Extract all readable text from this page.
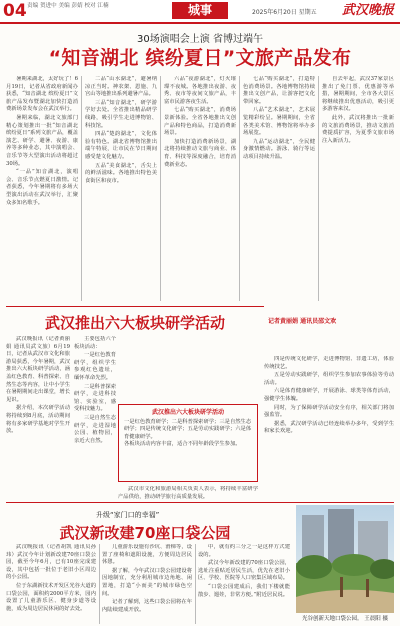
04 责编 贺进中 美编 彭婧 校对 江楠	城事	2025年6月20日 星期五 武汉晚报
30场演唱会上演 省博过端午
“知音湖北 缤纷夏日”文旅产品发布

暑期来湖北，太好玩了！6月19日，记者从省政府新闻办获悉，“知音湖北 缤纷夏日”文旅产品发布暨湖北加快打造消费新场景发布会在武汉举行。

暑期来临，湖北文旅部门精心策划推出一批“知音湖北 缤纷夏日”系列文旅产品，覆盖演艺、研学、避暑、夜游、康养等多种业态，其中演唱会、音乐节等大型演出活动将超过30场。

“一品”知音湖北，演唱会、音乐节点燃夏日激情。记者获悉，今年暑期将有多场大型演出活动在武汉举行，汇聚众多知名歌手。

二品“山水湖北”，避暑纳凉正当时。神农架、恩施、九宫山等地推出系列避暑产品。

三品“知音湖北”，研学游学好去处。全省推出精品研学线路，吸引学生走进博物馆、科技馆。

四品“楚韵湖北”，文化体验有特色。湖北省博物馆推出端午特展，让市民在节日期间感受楚文化魅力。

五品“美食湖北”，舌尖上的鲜活滋味。各地推出特色美食街区和夜市。

六品“夜游湖北”，灯火璀璨不夜城。各地推出夜游、夜秀、夜市等夜间文旅产品，丰富市民游客夜生活。

七品“购买湖北”，消费场景新体验。全省各地推出文创产品和特色商品，打造消费新场景。

加快打造消费新场景，湖北将持续推动文旅与商业、体育、科技等深度融合，培育消费新业态。

七品“购买湖北”，打造特色消费场景。各地博物馆持续推出文创产品，让游客把文化带回家。

八品“艺术湖北”，艺术展览精彩纷呈。暑期期间，全省各类美术馆、博物馆将举办多场展览。

九品“运动湖北”，全民健身激情燃动。游泳、骑行等运动项目持续升温。

自去年起，武汉37家景区推出了免门票、优惠游等举措，暑期期间，全市各大景区将继续推出优惠活动，吸引更多游客来汉。

此外，武汉将推出一批新的文旅消费场景，推动文旅消费提质扩容，为夏季文旅市场注入新活力。

记者黄丽娟 通讯员邵文欢
武汉推出六大板块研学活动

武汉晚报讯（记者黄丽娟 通讯员武文旅）6月19日，记者从武汉市文化和旅游局获悉，今年暑期，武汉推出六大板块研学活动，涵盖红色教育、科普探索、自然生态等内容，让中小学生在暑期期间走出课堂，增长见识。

据介绍，本次研学活动将持续到8月底，活动期间将有多家研学基地对学生开放。

主要包括六个板块活动：

一是红色教育研学，组织学生参观红色遗址，缅怀革命先烈。

二是科普探索研学，走进科技馆、实验室，感受科技魅力。

三是自然生态研学，走进湿地公园、植物园，亲近大自然。

武汉推出六大板块研学活动
一是红色教育研学；二是科普探索研学；三是自然生态研学；四是传统文化研学；五是劳动实践研学；六是体育健康研学。
各板块活动内容丰富，适合不同年龄段学生参加。

武汉市文化和旅游局相关负责人表示，将持续丰富研学产品供给，推动研学旅行高质量发展。

四是传统文化研学，走进博物馆、非遗工坊，体验传统技艺。

五是劳动实践研学，组织学生参加农事体验等劳动活动。

六是体育健康研学，开展游泳、球类等体育活动，强健学生体魄。

同时，为了保障研学活动安全有序，相关部门将加强监管。

据悉，武汉研学活动已经连续举办多年，受到学生和家长欢迎。

升级“家门口的幸福”
武汉新改建70座口袋公园

武汉晚报讯（记者胡凯 通讯员孙玮）武汉今年计划新改建70座口袋公园，截至今年6月，已有10座完成建设，其中包括一批位于老旧小区周边的小公园。

位于东湖新技术开发区光谷大道的口袋公园，面积约2000平方米，园内设置了儿童游乐区、健身步道等设施，成为周边居民休闲的好去处。

儿童游乐设施有沙坑、滑梯等，设置了座椅和遮阳设施，方便周边居民休憩。

据了解，今年武汉口袋公园建设将因地制宜，充分利用城市边角地、闲置地，打造“小而美”的城市绿色空间。

记者了解到，这些口袋公园将在年内陆续建成开放。

中，就有约三分之一是这样方式建设的。

武汉今年新改建的70座口袋公园，选址注重贴近居民生活，优先在老旧小区、学校、医院等人口密集区域布局。

“口袋公园建成后，我们下楼就能散步、遛娃，非常方便。”附近居民说。

光谷创新天地口袋公园。 王晨阳 摄
